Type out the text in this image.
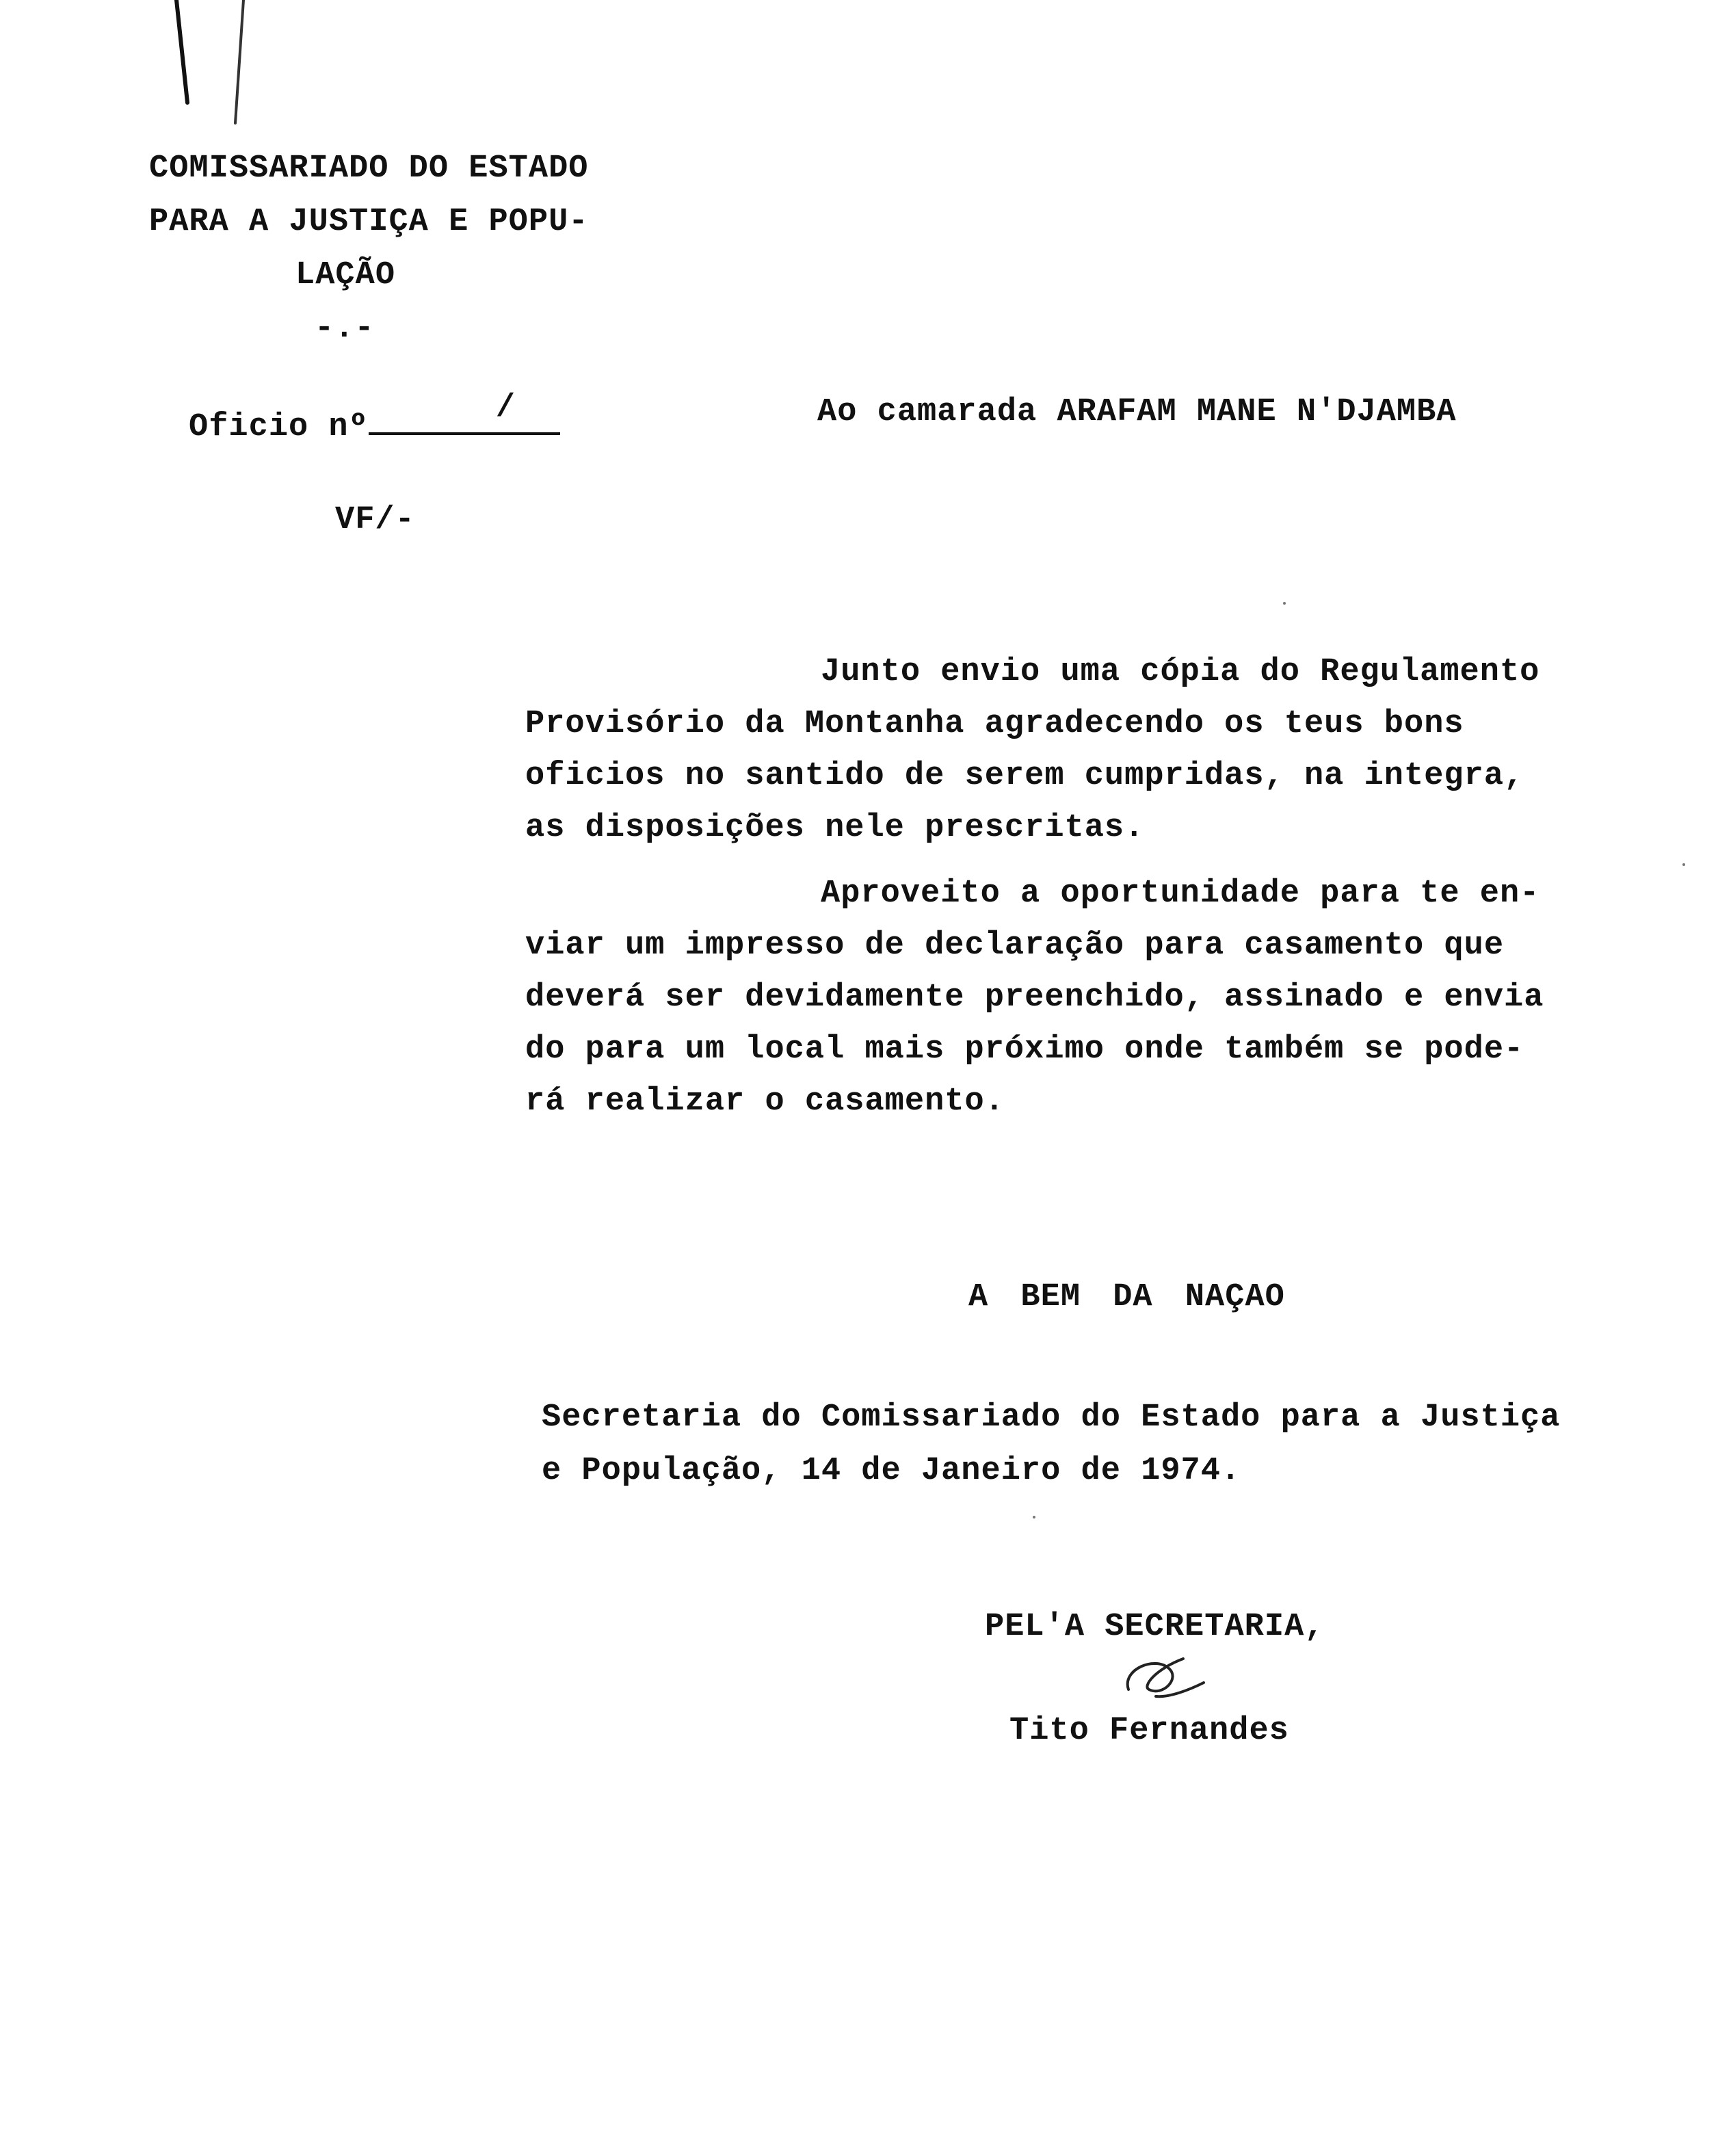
COMISSARIADO DO ESTADO
PARA A JUSTIÇA E POPU-
LAÇÃO
-.-
Oficio nº
/
VF/-
Ao camarada ARAFAM MANE N'DJAMBA
Junto envio uma cópia do Regulamento
Provisório da Montanha agradecendo os teus bons
oficios no santido de serem cumpridas, na integra,
as disposições nele prescritas.
Aproveito a oportunidade para te en-
viar um impresso de declaração para casamento que
deverá ser devidamente preenchido, assinado e envia
do para um local mais próximo onde também se pode-
rá realizar o casamento.
A BEM DA NAÇAO
Secretaria do Comissariado do Estado para a Justiça
e População, 14 de Janeiro de 1974.
PEL'A SECRETARIA,
Tito Fernandes
